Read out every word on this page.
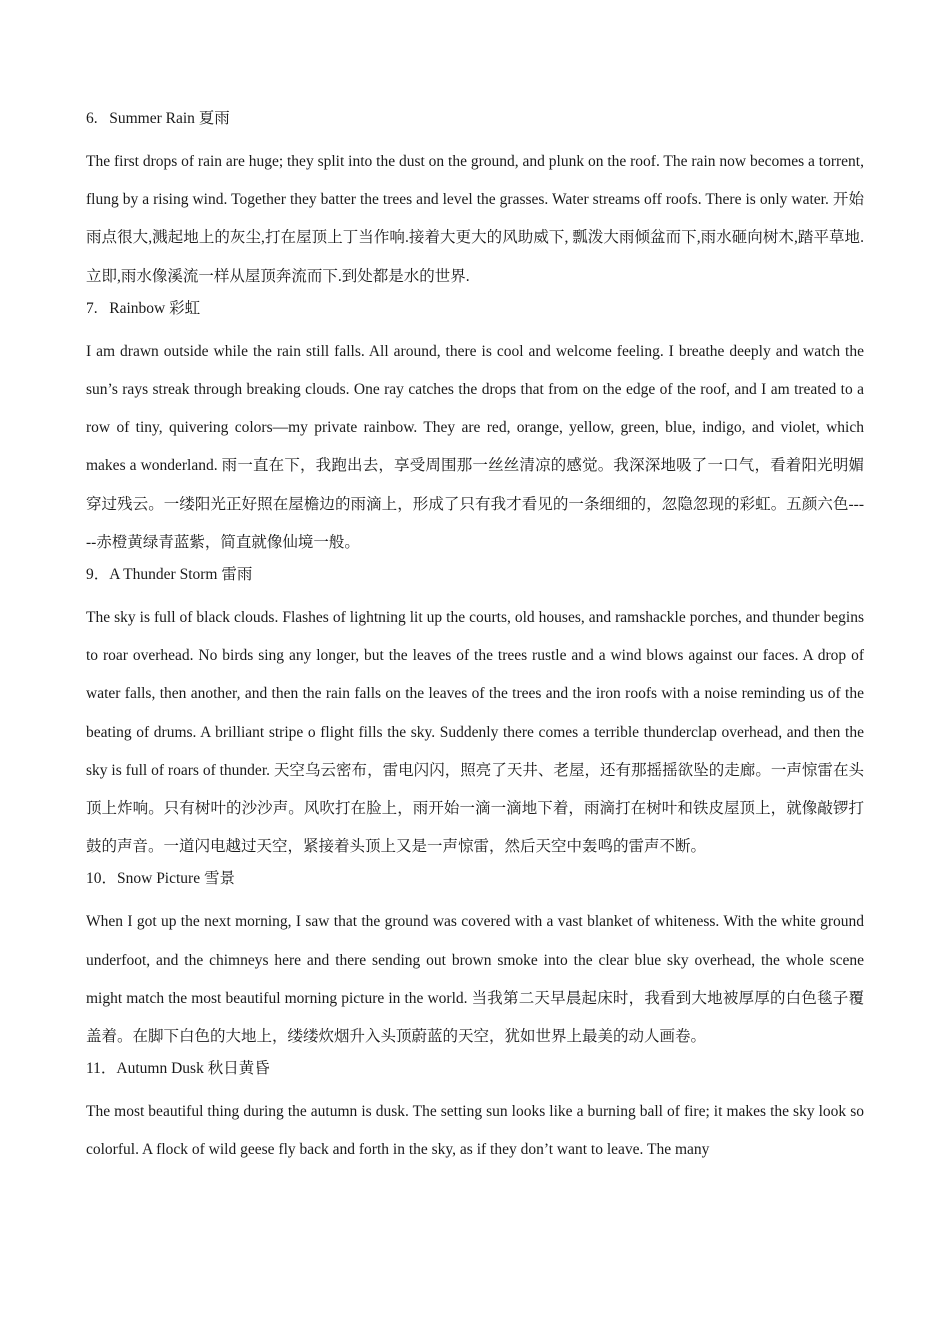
6.   Summer Rain 夏雨

The first drops of rain are huge; they split into the dust on the ground, and plunk on the roof. The rain now becomes a torrent, flung by a rising wind. Together they batter the trees and level the grasses. Water streams off roofs. There is only water. 开始雨点很大,溅起地上的灰尘,打在屋顶上丁当作响.接着大更大的风助威下, 瓢泼大雨倾盆而下,雨水砸向树木,踏平草地.立即,雨水像溪流一样从屋顶奔流而下.到处都是水的世界.

7.   Rainbow 彩虹

I am drawn outside while the rain still falls. All around, there is cool and welcome feeling. I breathe deeply and watch the sun’s rays streak through breaking clouds. One ray catches the drops that from on the edge of the roof, and I am treated to a row of tiny, quivering colors—my private rainbow. They are red, orange, yellow, green, blue, indigo, and violet, which makes a wonderland. 雨一直在下，我跑出去，享受周围那一丝丝清凉的感觉。我深深地吸了一口气，看着阳光明媚穿过残云。一缕阳光正好照在屋檐边的雨滴上，形成了只有我才看见的一条细细的，忽隐忽现的彩虹。五颜六色-----赤橙黄绿青蓝紫，简直就像仙境一般。

9．A Thunder Storm 雷雨

The sky is full of black clouds. Flashes of lightning lit up the courts, old houses, and ramshackle porches, and thunder begins to roar overhead. No birds sing any longer, but the leaves of the trees rustle and a wind blows against our faces. A drop of water falls, then another, and then the rain falls on the leaves of the trees and the iron roofs with a noise reminding us of the beating of drums. A brilliant stripe o flight fills the sky. Suddenly there comes a terrible thunderclap overhead, and then the sky is full of roars of thunder. 天空乌云密布，雷电闪闪，照亮了天井、老屋，还有那摇摇欲坠的走廊。一声惊雷在头顶上炸响。只有树叶的沙沙声。风吹打在脸上，雨开始一滴一滴地下着，雨滴打在树叶和铁皮屋顶上，就像敲锣打鼓的声音。一道闪电越过天空，紧接着头顶上又是一声惊雷，然后天空中轰鸣的雷声不断。

10．Snow Picture 雪景

When I got up the next morning, I saw that the ground was covered with a vast blanket of whiteness. With the white ground underfoot, and the chimneys here and there sending out brown smoke into the clear blue sky overhead, the whole scene might match the most beautiful morning picture in the world. 当我第二天早晨起床时，我看到大地被厚厚的白色毯子覆盖着。在脚下白色的大地上，缕缕炊烟升入头顶蔚蓝的天空，犹如世界上最美的动人画卷。

11．Autumn Dusk 秋日黄昏

The most beautiful thing during the autumn is dusk. The setting sun looks like a burning ball of fire; it makes the sky look so colorful. A flock of wild geese fly back and forth in the sky, as if they don’t want to leave. The many
